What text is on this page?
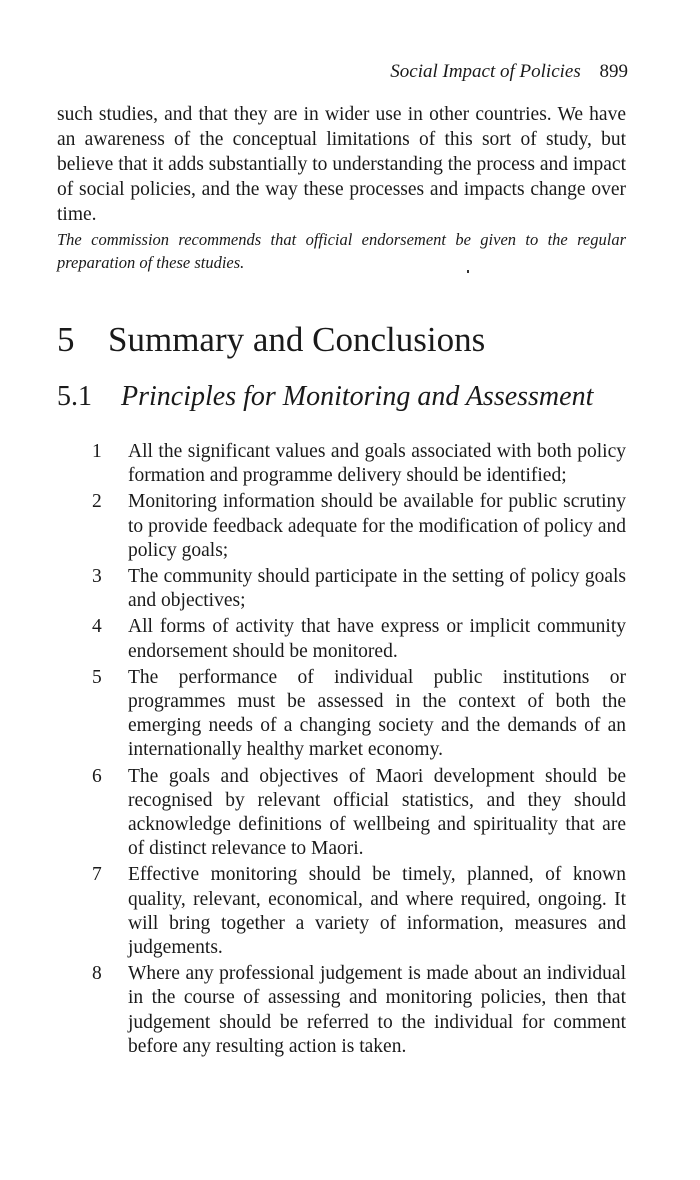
Social Impact of Policies 899

such studies, and that they are in wider use in other countries. We have an awareness of the conceptual limitations of this sort of study, but believe that it adds substantially to understanding the process and impact of social policies, and the way these processes and impacts change over time.

The commission recommends that official endorsement be given to the regular preparation of these studies.

5 Summary and Conclusions
5.1 Principles for Monitoring and Assessment
1	All the significant values and goals associated with both policy formation and programme delivery should be identified;
2	Monitoring information should be available for public scrutiny to provide feedback adequate for the modification of policy and policy goals;
3	The community should participate in the setting of policy goals and objectives;
4	All forms of activity that have express or implicit community endorsement should be monitored.
5	The performance of individual public institutions or programmes must be assessed in the context of both the emerging needs of a changing society and the demands of an internationally healthy market economy.
6	The goals and objectives of Maori development should be recognised by relevant official statistics, and they should acknowledge definitions of wellbeing and spirituality that are of distinct relevance to Maori.
7	Effective monitoring should be timely, planned, of known quality, relevant, economical, and where required, ongoing. It will bring together a variety of information, measures and judgements.
8	Where any professional judgement is made about an individual in the course of assessing and monitoring policies, then that judgement should be referred to the individual for comment before any resulting action is taken.
